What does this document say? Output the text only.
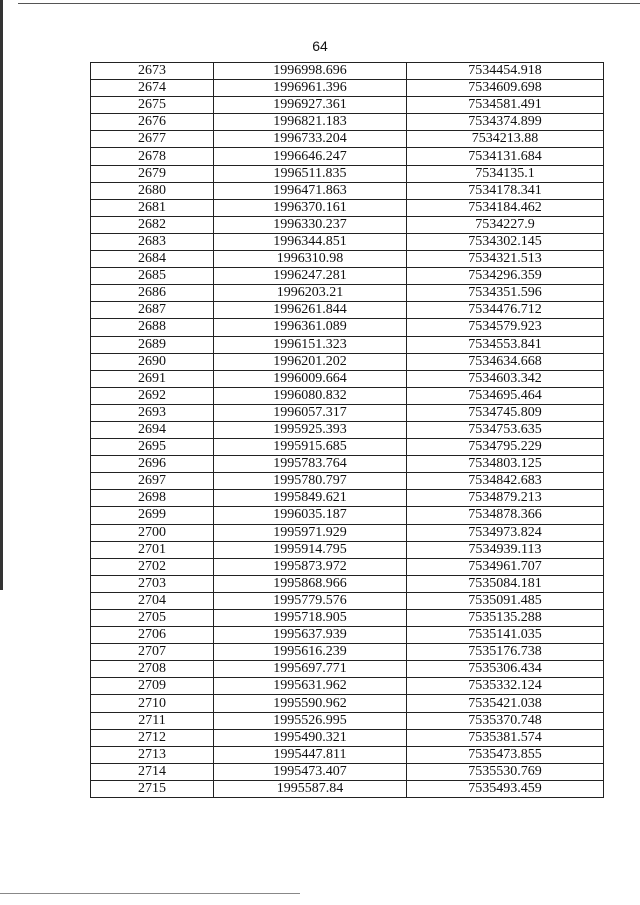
64
2673	1996998.696	7534454.918
2674	1996961.396	7534609.698
2675	1996927.361	7534581.491
2676	1996821.183	7534374.899
2677	1996733.204	7534213.88
2678	1996646.247	7534131.684
2679	1996511.835	7534135.1
2680	1996471.863	7534178.341
2681	1996370.161	7534184.462
2682	1996330.237	7534227.9
2683	1996344.851	7534302.145
2684	1996310.98	7534321.513
2685	1996247.281	7534296.359
2686	1996203.21	7534351.596
2687	1996261.844	7534476.712
2688	1996361.089	7534579.923
2689	1996151.323	7534553.841
2690	1996201.202	7534634.668
2691	1996009.664	7534603.342
2692	1996080.832	7534695.464
2693	1996057.317	7534745.809
2694	1995925.393	7534753.635
2695	1995915.685	7534795.229
2696	1995783.764	7534803.125
2697	1995780.797	7534842.683
2698	1995849.621	7534879.213
2699	1996035.187	7534878.366
2700	1995971.929	7534973.824
2701	1995914.795	7534939.113
2702	1995873.972	7534961.707
2703	1995868.966	7535084.181
2704	1995779.576	7535091.485
2705	1995718.905	7535135.288
2706	1995637.939	7535141.035
2707	1995616.239	7535176.738
2708	1995697.771	7535306.434
2709	1995631.962	7535332.124
2710	1995590.962	7535421.038
2711	1995526.995	7535370.748
2712	1995490.321	7535381.574
2713	1995447.811	7535473.855
2714	1995473.407	7535530.769
2715	1995587.84	7535493.459
